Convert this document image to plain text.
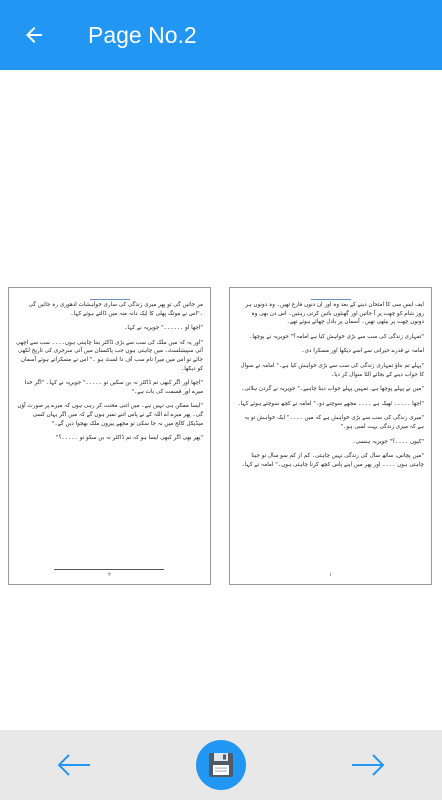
Page No.2

مر جائیں گی تو پھر میری زندگی کی ساری خواہشات ادھوری رہ جائیں گی ۔"اس نے موتگ پھلی کا ایک دانہ منہ میں ڈالتے ہوئے کہا۔

"اچھا او ۔۔۔۔۔۔" جویریہ نے کہا۔

"اور یہ کہ میں ملک کی سب سے بڑی ڈاکٹر بننا چاہتی ہوں۔۔۔۔ سب سے اچھی آئی سپیشلسٹ۔ میں چاہتی ہوں جب پاکستان میں آئی سرجری کی تاریخ لکھی جائے تو اس میں میرا نام سب آف دا لسٹ ہو ۔" اس نے مسکراتے ہوئے آسمان کو دیکھا۔

"اچھا اور اگر کبھی تم ڈاکٹر نہ بن سکیں تو ۔۔۔۔۔" جویریہ نے کہا۔ "اگر خدا میرے اور قسمت کی بات ہے۔"

"ایسا ممکن ہی نہیں ہے۔ میں اتنی محنت کر رہی ہوں کہ میرے پر صورت آؤں گی۔ پھر میرے اے اللہ کے نے پاس اتنے نمبر ہوں گے کہ میں اگر یہاں کسی میڈیکل کالج میں نہ جا سکی تو مجھے بیرون ملک بھجوا دیں گے۔"

"پھر بھی اگر کبھی ایسا ہو کہ تم ڈاکٹر نہ بن سکو تو ۔۔۔۔۔؟"

۲

ایف ایس سی کا امتحان دینے کے بعد وہ اور ان دنوں فارغ تھیں۔ وہ دونوں ہر روز شام کو چھت پر آ جاتیں اور گھنٹوں باتیں کرتی رہتیں۔ اس دن بھی وہ دونوں چھت پر بیٹھی تھیں۔ آسمان پر بادل چھائے ہوئے تھے۔

"تمہاری زندگی کی سب سے بڑی خواہش کیا ہے امامہ؟" جویریہ نے پوچھا۔

امامہ نے قدرے حیرانی سے اسے دیکھا اور مسکرا دی۔

"پہلے تم بتاؤ تمہاری زندگی کی سب سے بڑی خواہش کیا ہے۔" امامہ نے سوال کا جواب دینے کے بجائے الٹا سوال کر دیا۔

"میں نے پہلے پوچھا ہے، تمہیں پہلے جواب دینا چاہیے۔" جویریہ نے گردن ہلائی۔

"اچھا ۔۔۔۔۔ ٹھیک ہے ۔۔۔۔ مجھے سوچنے دو۔" امامہ نے کچھ سوچتے ہوئے کہا۔

"میری زندگی کی سب سے بڑی خواہش ہے کہ میں ۔۔۔۔" ایک خواہش تو یہ ہے کہ میری زندگی بہت لمبی ہو۔"

"کیوں ۔۔۔۔؟" جویریہ ہنسی۔

"میں پچاس، ساٹھ سال کی زندگی نہیں چاہتی۔ کم از کم سو سال تو جینا چاہتی ہوں ۔۔۔۔ اور پھر میں اپنے پاس کچھ کرنا چاہتی ہوں۔" امامہ نے کہا۔

۱
